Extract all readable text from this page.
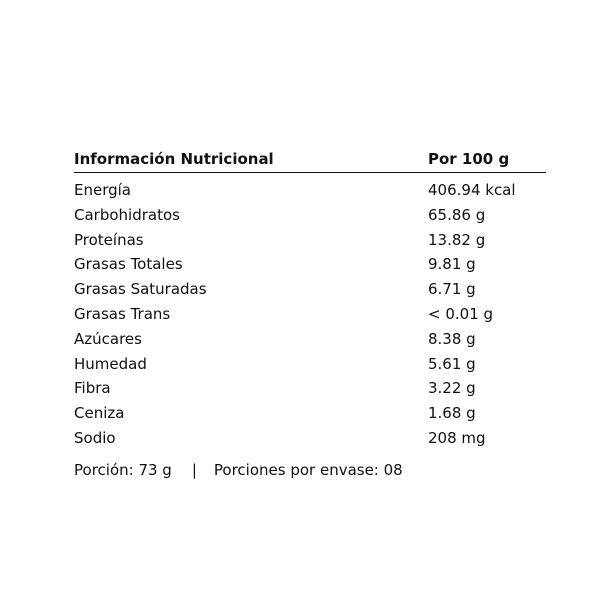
Información Nutricional	Por 100 g
Energía	406.94 kcal
Carbohidratos	65.86 g
Proteínas	13.82 g
Grasas Totales	9.81 g
Grasas Saturadas	6.71 g
Grasas Trans	< 0.01 g
Azúcares	8.38 g
Humedad	5.61 g
Fibra	3.22 g
Ceniza	1.68 g
Sodio	208 mg
Porción: 73 g | Porciones por envase: 08
